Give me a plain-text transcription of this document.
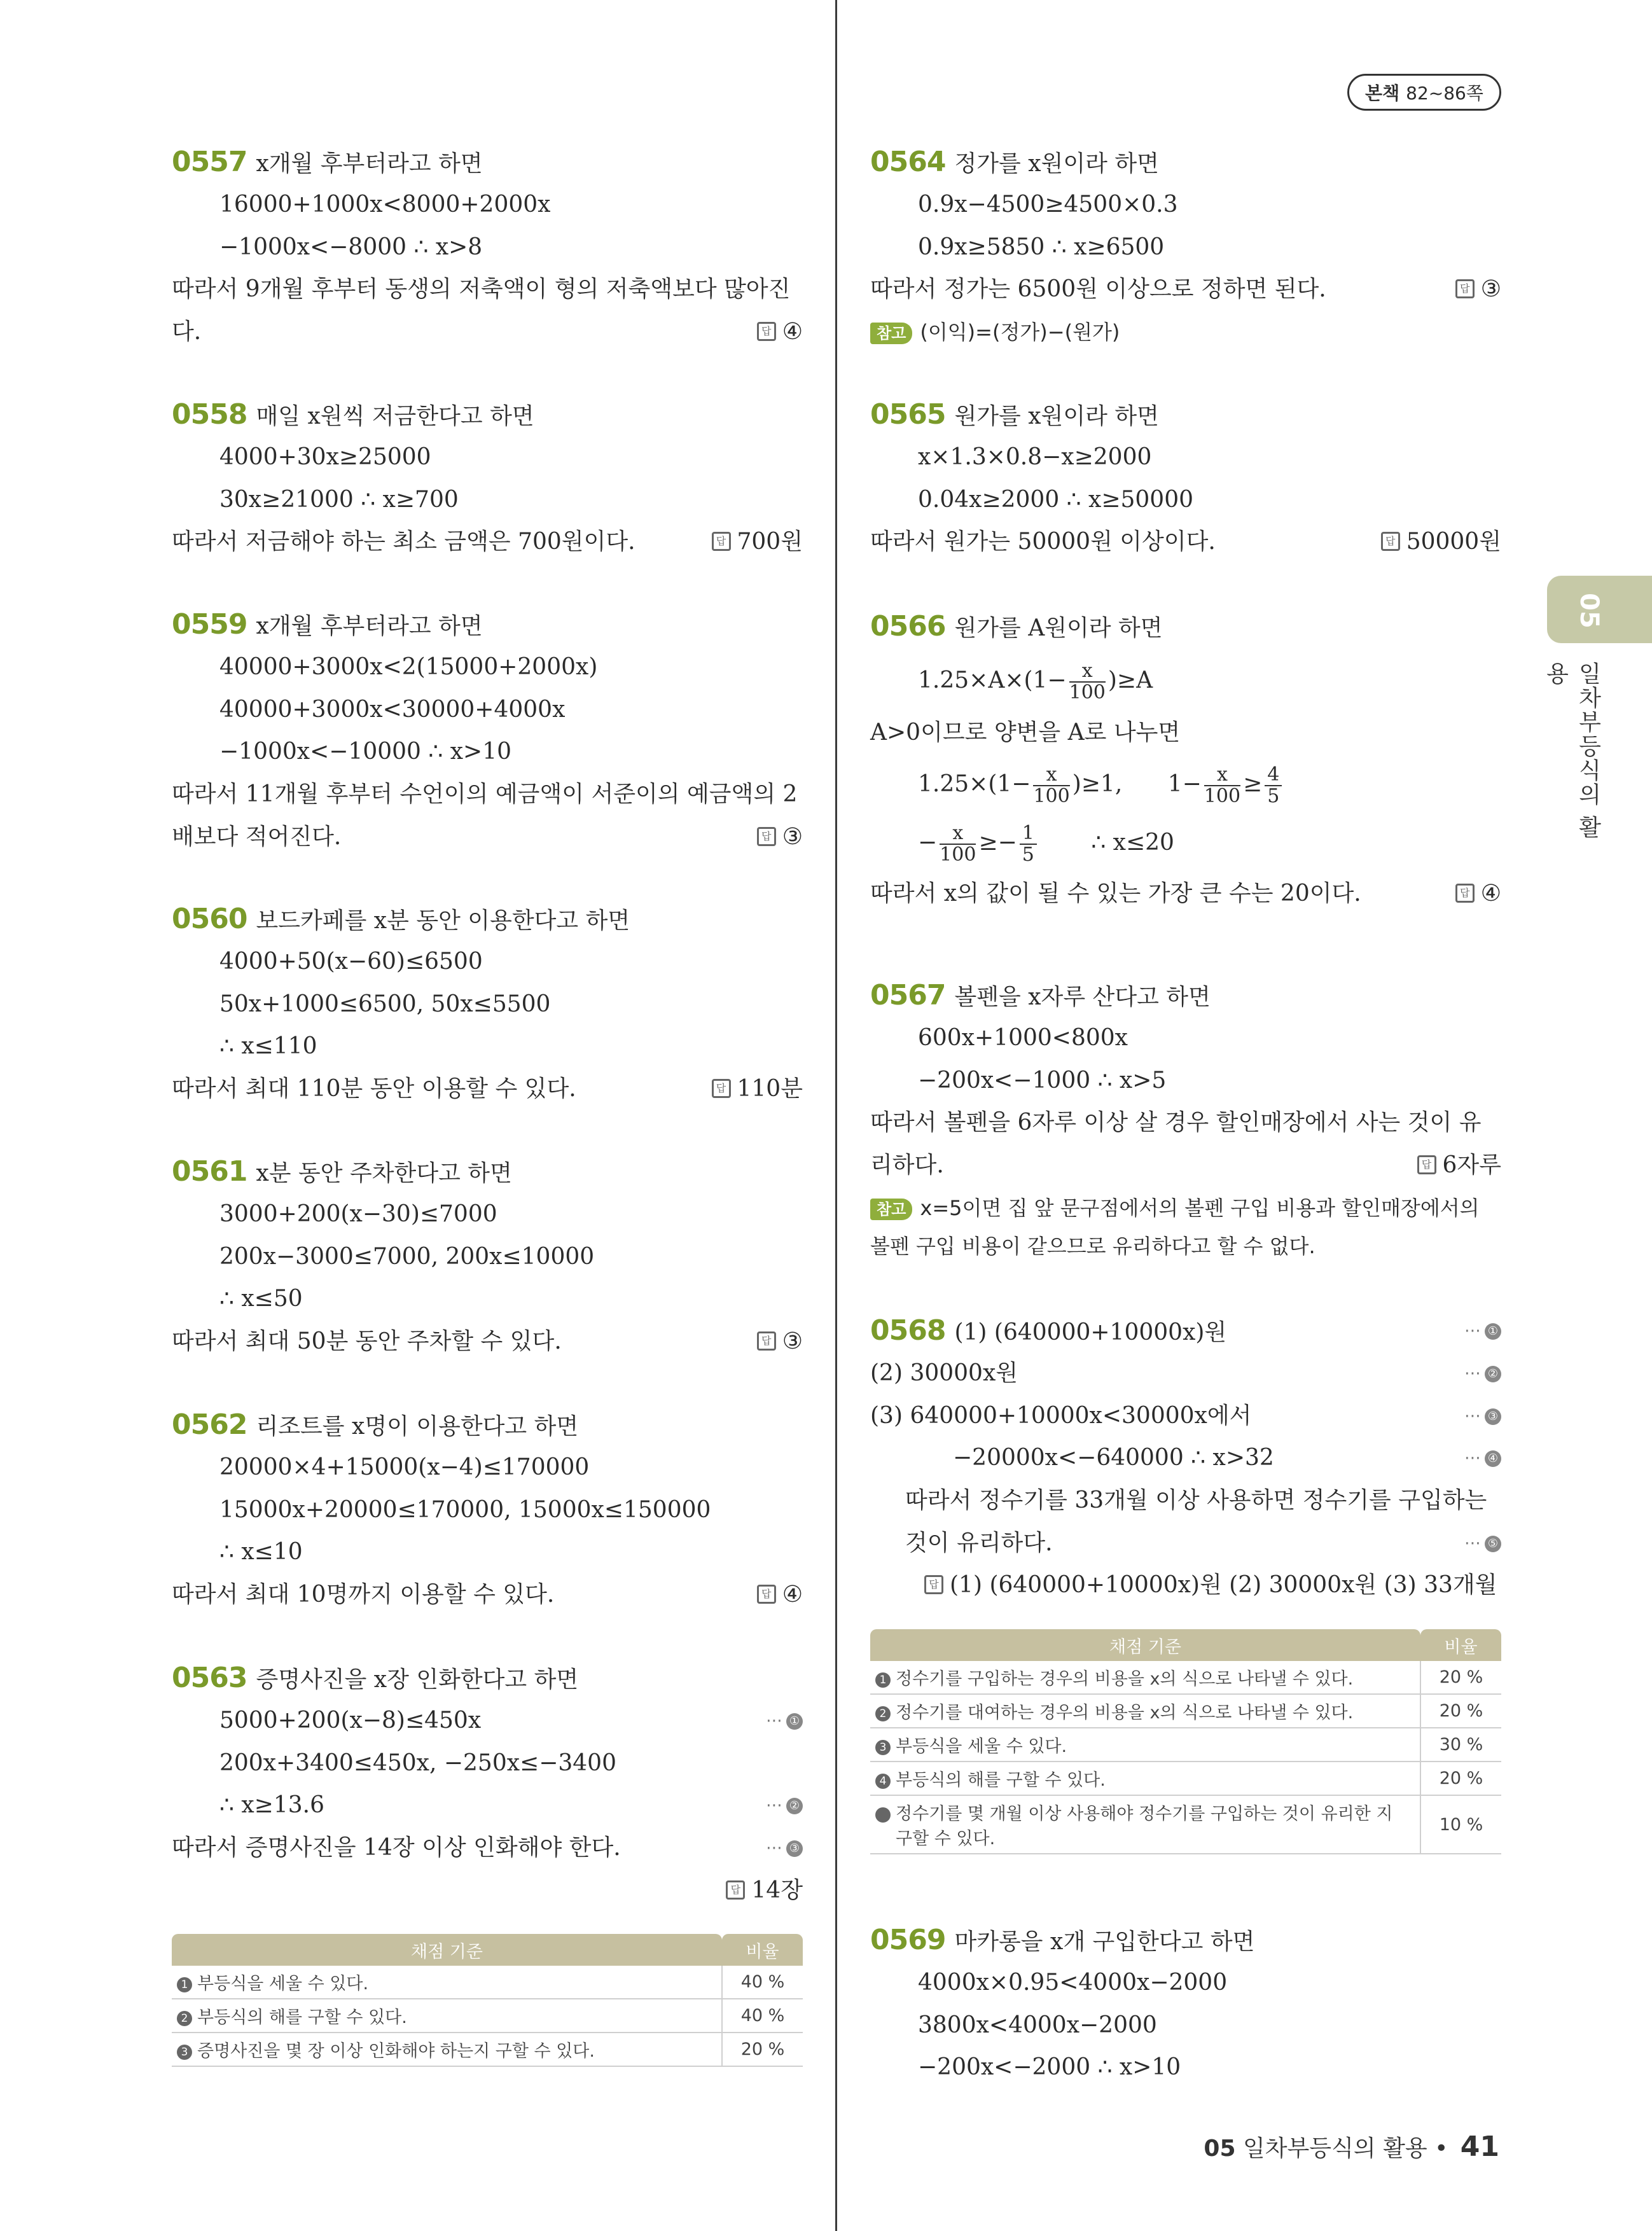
본책 82~86쪽
05
일차부등식의 활용
0557 x개월 후부터라고 하면
16000+1000x<8000+2000x
−1000x<−8000 ∴ x>8
따라서 9개월 후부터 동생의 저축액이 형의 저축액보다 많아진
다.	답 ④
0558 매일 x원씩 저금한다고 하면
4000+30x≥25000
30x≥21000 ∴ x≥700
따라서 저금해야 하는 최소 금액은 700원이다.	답 700원
0559 x개월 후부터라고 하면
40000+3000x<2(15000+2000x)
40000+3000x<30000+4000x
−1000x<−10000 ∴ x>10
따라서 11개월 후부터 수언이의 예금액이 서준이의 예금액의 2
배보다 적어진다.	답 ③
0560 보드카페를 x분 동안 이용한다고 하면
4000+50(x−60)≤6500
50x+1000≤6500, 50x≤5500
∴ x≤110
따라서 최대 110분 동안 이용할 수 있다.	답 110분
0561 x분 동안 주차한다고 하면
3000+200(x−30)≤7000
200x−3000≤7000, 200x≤10000
∴ x≤50
따라서 최대 50분 동안 주차할 수 있다.	답 ③
0562 리조트를 x명이 이용한다고 하면
20000×4+15000(x−4)≤170000
15000x+20000≤170000, 15000x≤150000
∴ x≤10
따라서 최대 10명까지 이용할 수 있다.	답 ④
0563 증명사진을 x장 인화한다고 하면
5000+200(x−8)≤450x	⋯ ①
200x+3400≤450x, −250x≤−3400
∴ x≥13.6	⋯ ②
따라서 증명사진을 14장 이상 인화해야 한다.	⋯ ③
답 14장
채점 기준	비율
1 부등식을 세울 수 있다.	40 %
2 부등식의 해를 구할 수 있다.	40 %
3 증명사진을 몇 장 이상 인화해야 하는지 구할 수 있다.	20 %
0564 정가를 x원이라 하면
0.9x−4500≥4500×0.3
0.9x≥5850 ∴ x≥6500
따라서 정가는 6500원 이상으로 정하면 된다.	답 ③
참고 (이익)=(정가)−(원가)
0565 원가를 x원이라 하면
x×1.3×0.8−x≥2000
0.04x≥2000 ∴ x≥50000
따라서 원가는 50000원 이상이다.	답 50000원
0566 원가를 A원이라 하면
$1.25\times A\times(1- \frac{x}{100} )\ge A$
A>0이므로 양변을 A로 나누면
$1.25\times(1- \frac{x}{100} )\ge 1$, $1- \frac{x}{100} \ge \frac{4}{5}$
− $\frac{x}{100} \ge- \frac{1}{5}$ ∴ x≤20
따라서 x의 값이 될 수 있는 가장 큰 수는 20이다.	답 ④
0567 볼펜을 x자루 산다고 하면
600x+1000<800x
−200x<−1000 ∴ x>5
따라서 볼펜을 6자루 이상 살 경우 할인매장에서 사는 것이 유
리하다.	답 6자루
참고 x=5이면 집 앞 문구점에서의 볼펜 구입 비용과 할인매장에서의
볼펜 구입 비용이 같으므로 유리하다고 할 수 없다.
0568 (1) (640000+10000x)원	⋯ ①
(2) 30000x원	⋯ ②
(3) 640000+10000x<30000x에서	⋯ ③
−20000x<−640000 ∴ x>32	⋯ ④
따라서 정수기를 33개월 이상 사용하면 정수기를 구입하는
것이 유리하다.	⋯ ⑤
답 (1) (640000+10000x)원 (2) 30000x원 (3) 33개월
채점 기준	비율
1 정수기를 구입하는 경우의 비용을 x의 식으로 나타낼 수 있다.	20 %
2 정수기를 대여하는 경우의 비용을 x의 식으로 나타낼 수 있다.	20 %
3 부등식을 세울 수 있다.	30 %
4 부등식의 해를 구할 수 있다.	20 %
5 정수기를 몇 개월 이상 사용해야 정수기를 구입하는 것이 유리한 지 구할 수 있다.	10 %
0569 마카롱을 x개 구입한다고 하면
4000x×0.95<4000x−2000
3800x<4000x−2000
−200x<−2000 ∴ x>10
05 일차부등식의 활용 • 41
